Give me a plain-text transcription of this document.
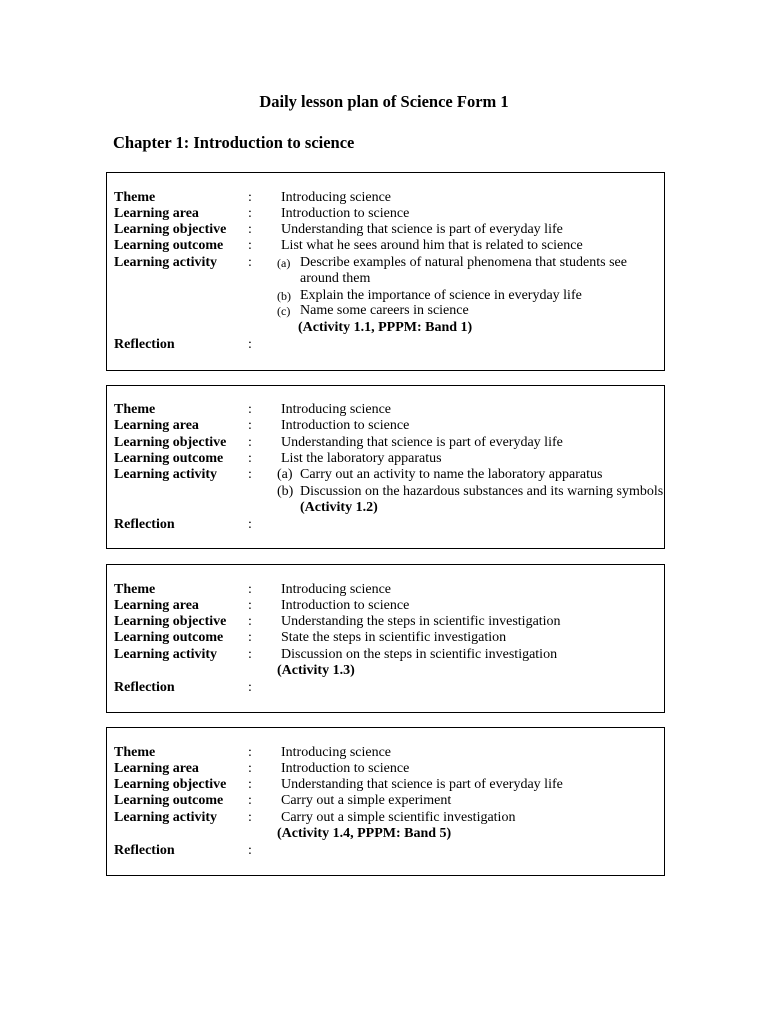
Daily lesson plan of Science Form 1
Chapter 1: Introduction to science
Theme	: Introducing science
Learning area	: Introduction to science
Learning objective : Understanding that science is part of everyday life
Learning outcome : List what he sees around him that is related to science
Learning activity : (a) Describe examples of natural phenomena that students see
around them
(b) Explain the importance of science in everyday life
(c) Name some careers in science
(Activity 1.1, PPPM: Band 1)
Reflection	:
Theme	: Introducing science
Learning area	: Introduction to science
Learning objective : Understanding that science is part of everyday life
Learning outcome : List the laboratory apparatus
Learning activity : (a) Carry out an activity to name the laboratory apparatus
(b) Discussion on the hazardous substances and its warning symbols
(Activity 1.2)
Reflection	:
Theme	: Introducing science
Learning area	: Introduction to science
Learning objective : Understanding the steps in scientific investigation
Learning outcome : State the steps in scientific investigation
Learning activity : Discussion on the steps in scientific investigation
(Activity 1.3)
Reflection	:
Theme	: Introducing science
Learning area	: Introduction to science
Learning objective : Understanding that science is part of everyday life
Learning outcome : Carry out a simple experiment
Learning activity : Carry out a simple scientific investigation
(Activity 1.4, PPPM: Band 5)
Reflection	:
